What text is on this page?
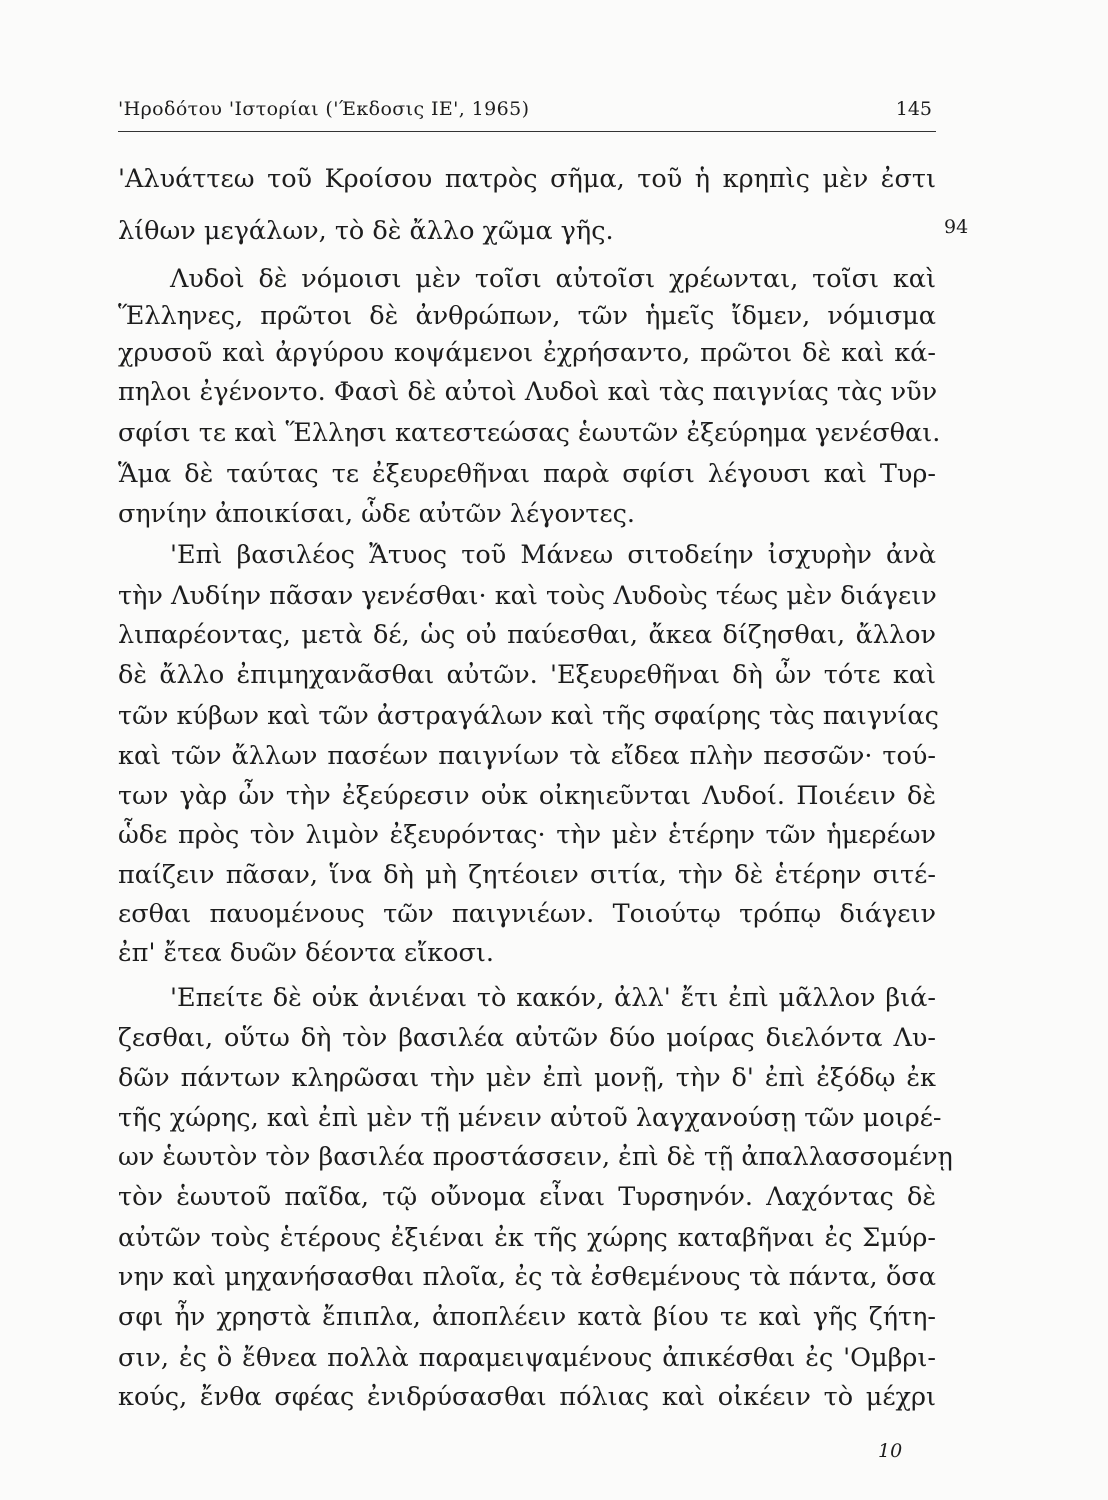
'Ηροδότου 'Ιστορίαι ('Έκδοσις ΙΕ', 1965)	145
94
'Αλυάττεω τοῦ Κροίσου πατρὸς σῆμα, τοῦ ἡ κρηπὶς μὲν ἐστι
λίθων μεγάλων, τὸ δὲ ἄλλο χῶμα γῆς.
Λυδοὶ δὲ νόμοισι μὲν τοῖσι αὐτοῖσι χρέωνται, τοῖσι καὶ
Ἕλληνες, πρῶτοι δὲ ἀνθρώπων, τῶν ἡμεῖς ἴδμεν, νόμισμα
χρυσοῦ καὶ ἀργύρου κοψάμενοι ἐχρήσαντο, πρῶτοι δὲ καὶ κά-
πηλοι ἐγένοντο. Φασὶ δὲ αὐτοὶ Λυδοὶ καὶ τὰς παιγνίας τὰς νῦν
σφίσι τε καὶ Ἕλλησι κατεστεώσας ἑωυτῶν ἐξεύρημα γενέσθαι.
Ἅμα δὲ ταύτας τε ἐξευρεθῆναι παρὰ σφίσι λέγουσι καὶ Τυρ-
σηνίην ἀποικίσαι, ὧδε αὐτῶν λέγοντες.
'Επὶ βασιλέος Ἄτυος τοῦ Μάνεω σιτοδείην ἰσχυρὴν ἀνὰ
τὴν Λυδίην πᾶσαν γενέσθαι· καὶ τοὺς Λυδοὺς τέως μὲν διάγειν
λιπαρέοντας, μετὰ δέ, ὡς οὐ παύεσθαι, ἄκεα δίζησθαι, ἄλλον
δὲ ἄλλο ἐπιμηχανᾶσθαι αὐτῶν. 'Εξευρεθῆναι δὴ ὦν τότε καὶ
τῶν κύβων καὶ τῶν ἀστραγάλων καὶ τῆς σφαίρης τὰς παιγνίας
καὶ τῶν ἄλλων πασέων παιγνίων τὰ εἴδεα πλὴν πεσσῶν· τού-
των γὰρ ὦν τὴν ἐξεύρεσιν οὐκ οἰκηιεῦνται Λυδοί. Ποιέειν δὲ
ὧδε πρὸς τὸν λιμὸν ἐξευρόντας· τὴν μὲν ἑτέρην τῶν ἡμερέων
παίζειν πᾶσαν, ἵνα δὴ μὴ ζητέοιεν σιτία, τὴν δὲ ἑτέρην σιτέ-
εσθαι παυομένους τῶν παιγνιέων. Τοιούτῳ τρόπῳ διάγειν
ἐπ' ἔτεα δυῶν δέοντα εἴκοσι.
'Επείτε δὲ οὐκ ἀνιέναι τὸ κακόν, ἀλλ' ἔτι ἐπὶ μᾶλλον βιά-
ζεσθαι, οὕτω δὴ τὸν βασιλέα αὐτῶν δύο μοίρας διελόντα Λυ-
δῶν πάντων κληρῶσαι τὴν μὲν ἐπὶ μονῇ, τὴν δ' ἐπὶ ἐξόδῳ ἐκ
τῆς χώρης, καὶ ἐπὶ μὲν τῇ μένειν αὐτοῦ λαγχανούσῃ τῶν μοιρέ-
ων ἑωυτὸν τὸν βασιλέα προστάσσειν, ἐπὶ δὲ τῇ ἀπαλλασσομένῃ
τὸν ἑωυτοῦ παῖδα, τῷ οὔνομα εἶναι Τυρσηνόν. Λαχόντας δὲ
αὐτῶν τοὺς ἑτέρους ἐξιέναι ἐκ τῆς χώρης καταβῆναι ἐς Σμύρ-
νην καὶ μηχανήσασθαι πλοῖα, ἐς τὰ ἐσθεμένους τὰ πάντα, ὅσα
σφι ἦν χρηστὰ ἔπιπλα, ἀποπλέειν κατὰ βίου τε καὶ γῆς ζήτη-
σιν, ἐς ὃ ἔθνεα πολλὰ παραμειψαμένους ἀπικέσθαι ἐς 'Ομβρι-
κούς, ἔνθα σφέας ἐνιδρύσασθαι πόλιας καὶ οἰκέειν τὸ μέχρι
10
